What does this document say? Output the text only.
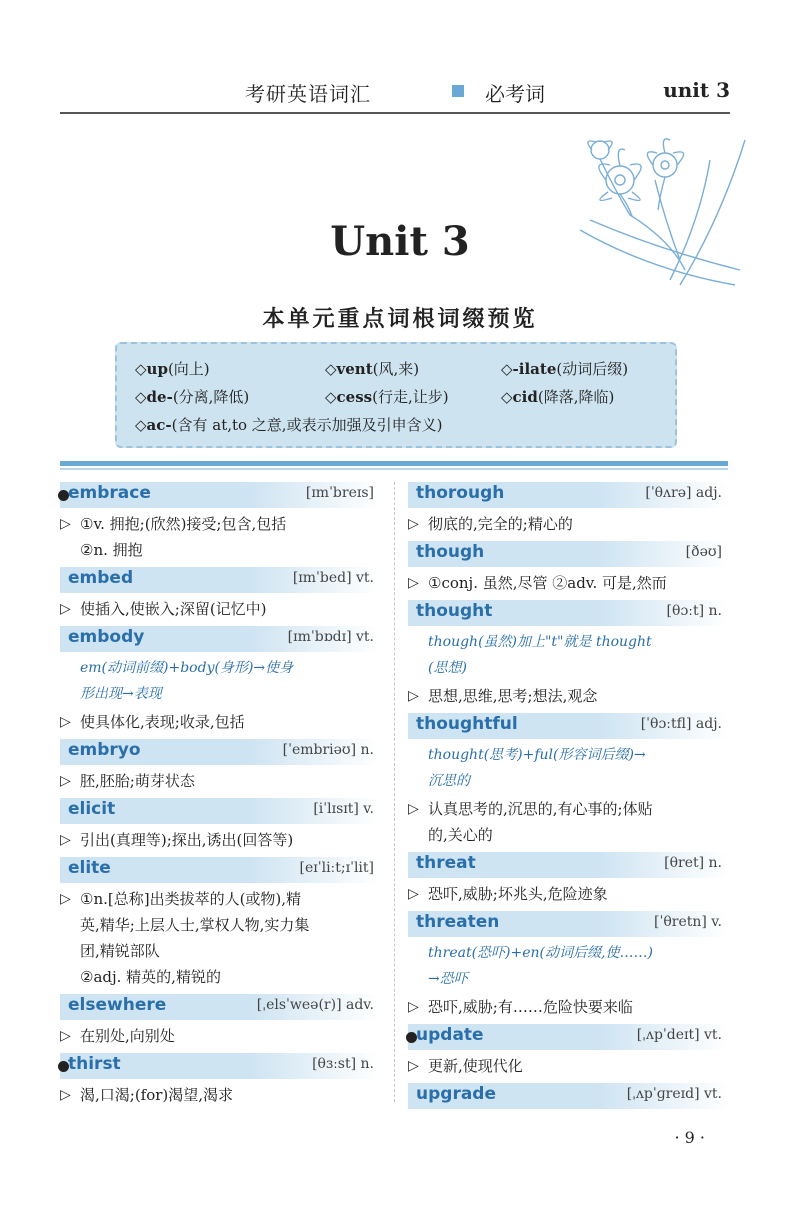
考研英语词汇	必考词	unit 3
Unit 3
本单元重点词根词缀预览
◇up(向上)	◇vent(风,来)	◇-ilate(动词后缀)
◇de-(分离,降低)	◇cess(行走,让步)	◇cid(降落,降临)
◇ac-(含有 at,to 之意,或表示加强及引申含义)
embrace	[ɪmˈbreɪs]
▷ ①v. 拥抱;(欣然)接受;包含,包括
②n. 拥抱
embed	[ɪmˈbed] vt.
▷ 使插入,使嵌入;深留(记忆中)
embody	[ɪmˈbɒdɪ] vt.
em(动词前缀)+body(身形)→使身
形出现→表现
▷ 使具体化,表现;收录,包括
embryo	[ˈembriəʊ] n.
▷ 胚,胚胎;萌芽状态
elicit	[iˈlɪsɪt] v.
▷ 引出(真理等);探出,诱出(回答等)
elite	[eɪˈliːt;ɪˈlit]
▷ ①n.[总称]出类拔萃的人(或物),精
英,精华;上层人士,掌权人物,实力集
团,精锐部队
②adj. 精英的,精锐的
elsewhere	[ˌelsˈweə(r)] adv.
▷ 在别处,向别处
thirst	[θɜːst] n.
▷ 渴,口渴;(for)渴望,渴求
thorough	[ˈθʌrə] adj.
▷ 彻底的,完全的;精心的
though	[ðəʊ]
▷ ①conj. 虽然,尽管 ②adv. 可是,然而
thought	[θɔːt] n.
though(虽然)加上"t"就是 thought
(思想)
▷ 思想,思维,思考;想法,观念
thoughtful	[ˈθɔːtfl] adj.
thought(思考)+ful(形容词后缀)→
沉思的
▷ 认真思考的,沉思的,有心事的;体贴
的,关心的
threat	[θret] n.
▷ 恐吓,威胁;坏兆头,危险迹象
threaten	[ˈθretn] v.
threat(恐吓)+en(动词后缀,使……)
→恐吓
▷ 恐吓,威胁;有……危险快要来临
update	[ˌʌpˈdeɪt] vt.
▷ 更新,使现代化
upgrade	[ˌʌpˈɡreɪd] vt.
· 9 ·
